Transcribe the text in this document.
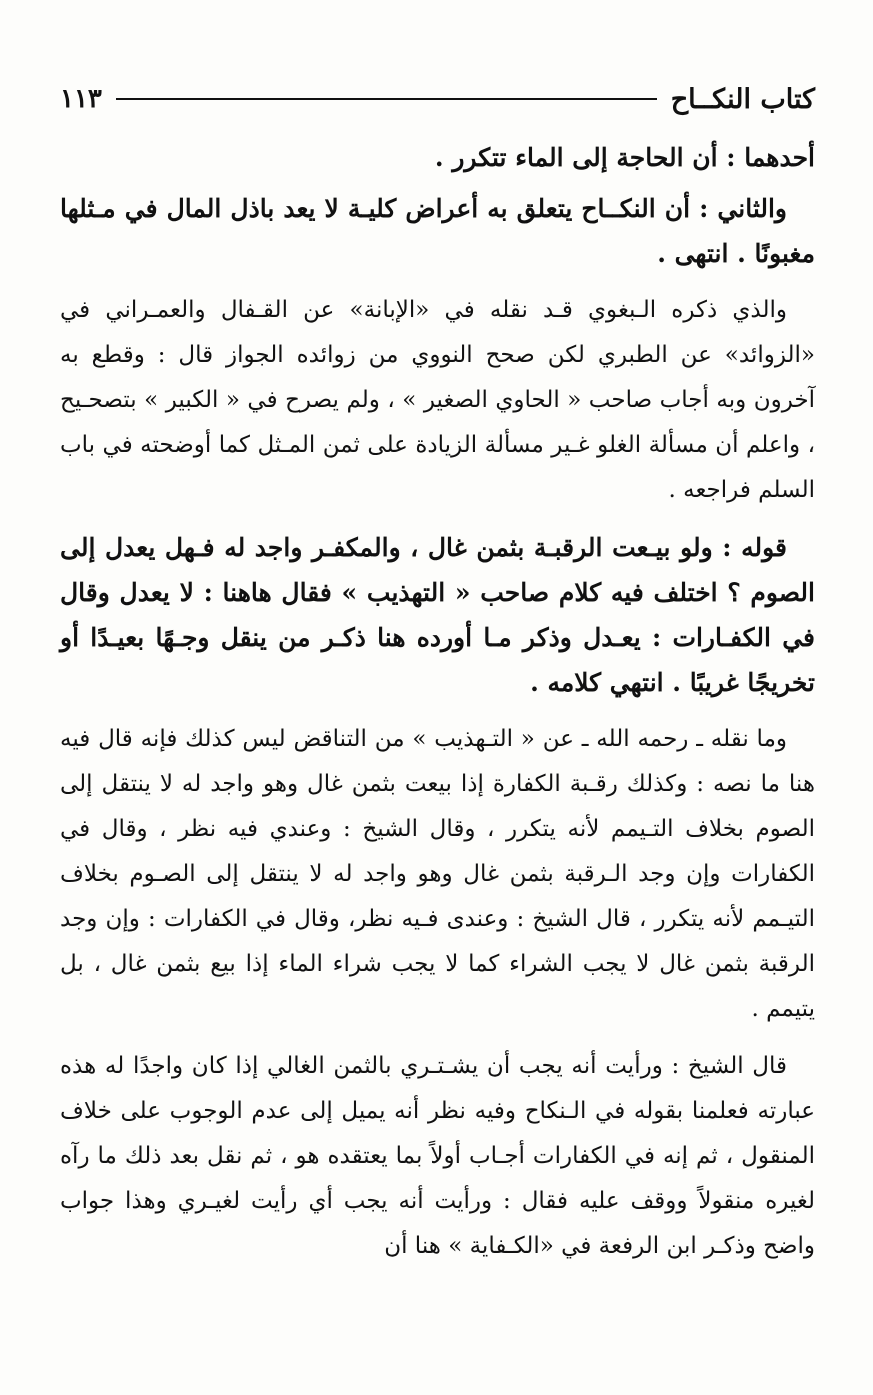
كتاب النكــاح
١١٣

أحدهما : أن الحاجة إلى الماء تتكرر .

والثاني : أن النكــاح يتعلق به أعراض كليـة لا يعد باذل المال في مـثلها مغبونًا . انتهى .

والذي ذكره الـبغوي قـد نقله في «الإبانة» عن القـفال والعمـراني في «الزوائد» عن الطبري لكن صحح النووي من زوائده الجواز قال : وقطع به آخرون وبه أجاب صاحب « الحاوي الصغير » ، ولم يصرح في « الكبير » بتصحـيح ، واعلم أن مسألة الغلو غـير مسألة الزيادة على ثمن المـثل كما أوضحته في باب السلم فراجعه .

قوله : ولو بيـعت الرقبـة بثمن غال ، والمكفـر واجد له فـهل يعدل إلى الصوم ؟ اختلف فيه كلام صاحب « التهذيب » فقال هاهنا : لا يعدل وقال في الكفـارات : يعـدل وذكر مـا أورده هنا ذكـر من ينقل وجـهًا بعيـدًا أو تخريجًا غريبًا . انتهي كلامه .

وما نقله ـ رحمه الله ـ عن « التـهذيب » من التناقض ليس كذلك فإنه قال فيه هنا ما نصه : وكذلك رقـبة الكفارة إذا بيعت بثمن غال وهو واجد له لا ينتقل إلى الصوم بخلاف التـيمم لأنه يتكرر ، وقال الشيخ : وعندي فيه نظر ، وقال في الكفارات وإن وجد الـرقبة بثمن غال وهو واجد له لا ينتقل إلى الصـوم بخلاف التيـمم لأنه يتكرر ، قال الشيخ : وعندى فـيه نظر، وقال في الكفارات : وإن وجد الرقبة بثمن غال لا يجب الشراء كما لا يجب شراء الماء إذا بيع بثمن غال ، بل يتيمم .

قال الشيخ : ورأيت أنه يجب أن يشـتـري بالثمن الغالي إذا كان واجدًا له هذه عبارته فعلمنا بقوله في الـنكاح وفيه نظر أنه يميل إلى عدم الوجوب على خلاف المنقول ، ثم إنه في الكفارات أجـاب أولاً بما يعتقده هو ، ثم نقل بعد ذلك ما رآه لغيره منقولاً ووقف عليه فقال : ورأيت أنه يجب أي رأيت لغيـري وهذا جواب واضح وذكـر ابن الرفعة في «الكـفاية » هنا أن
